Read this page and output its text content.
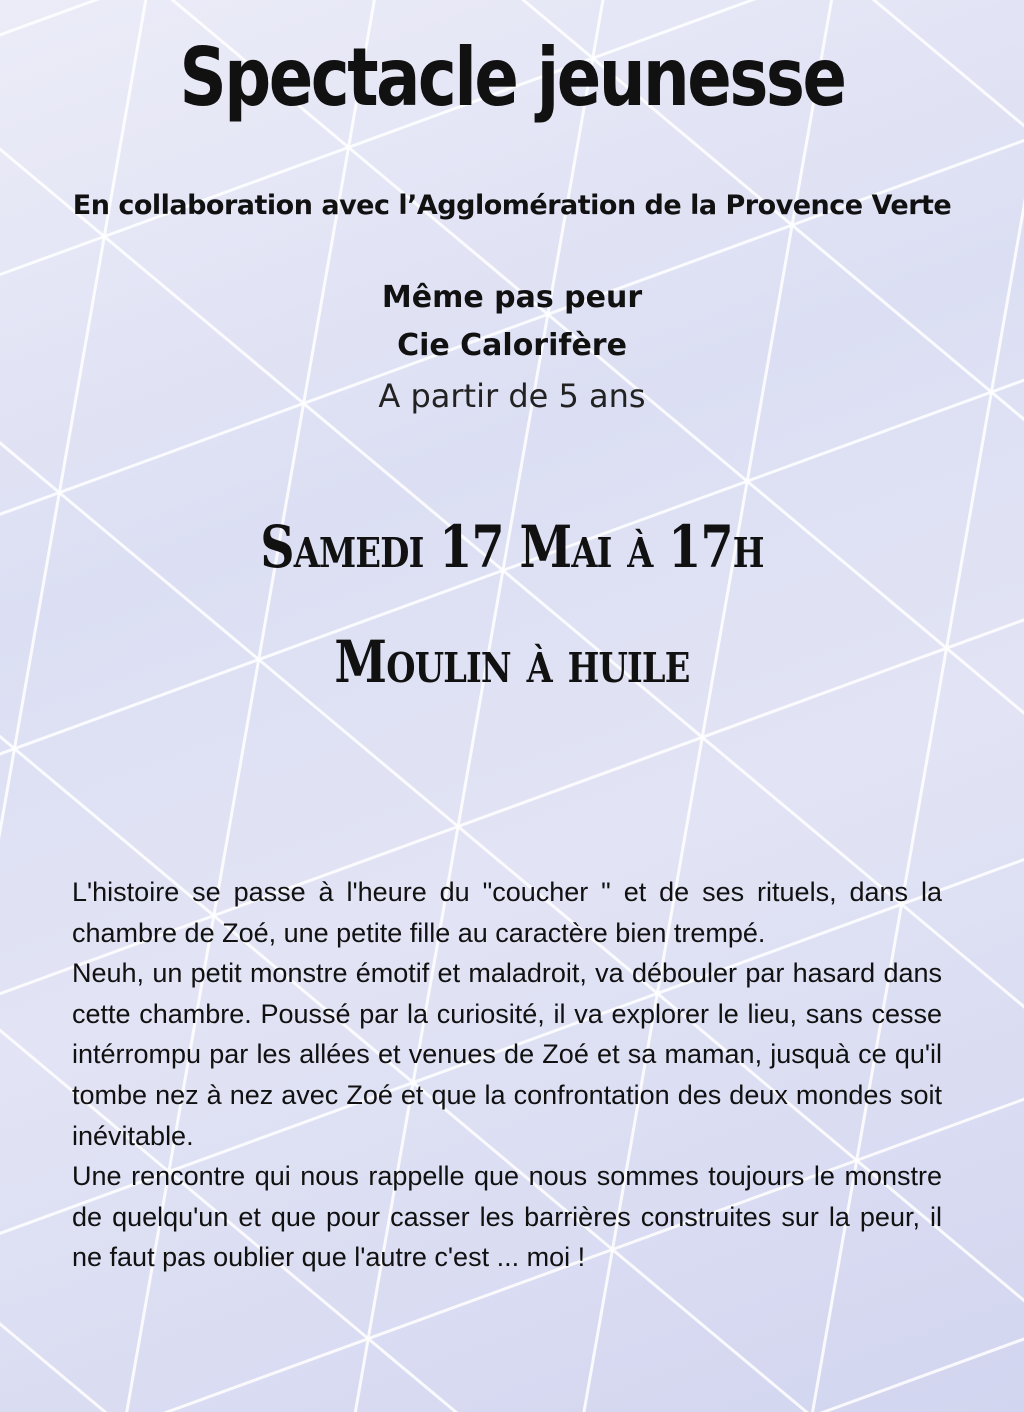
Spectacle jeunesse
En collaboration avec l’Agglomération de la Provence Verte
Même pas peur
Cie Calorifère
A partir de 5 ans
Samedi 17 Mai à 17h
Moulin à huile

L'histoire se passe à l'heure du "coucher " et de ses rituels, dans la chambre de Zoé, une petite fille au caractère bien trempé.

Neuh, un petit monstre émotif et maladroit, va débouler par hasard dans cette chambre. Poussé par la curiosité, il va explorer le lieu, sans cesse intérrompu par les allées et venues de Zoé et sa maman, jusquà ce qu'il tombe nez à nez avec Zoé et que la confrontation des deux mondes soit inévitable.

Une rencontre qui nous rappelle que nous sommes toujours le monstre de quelqu'un et que pour casser les barrières construites sur la peur, il ne faut pas oublier que l'autre c'est ... moi !
